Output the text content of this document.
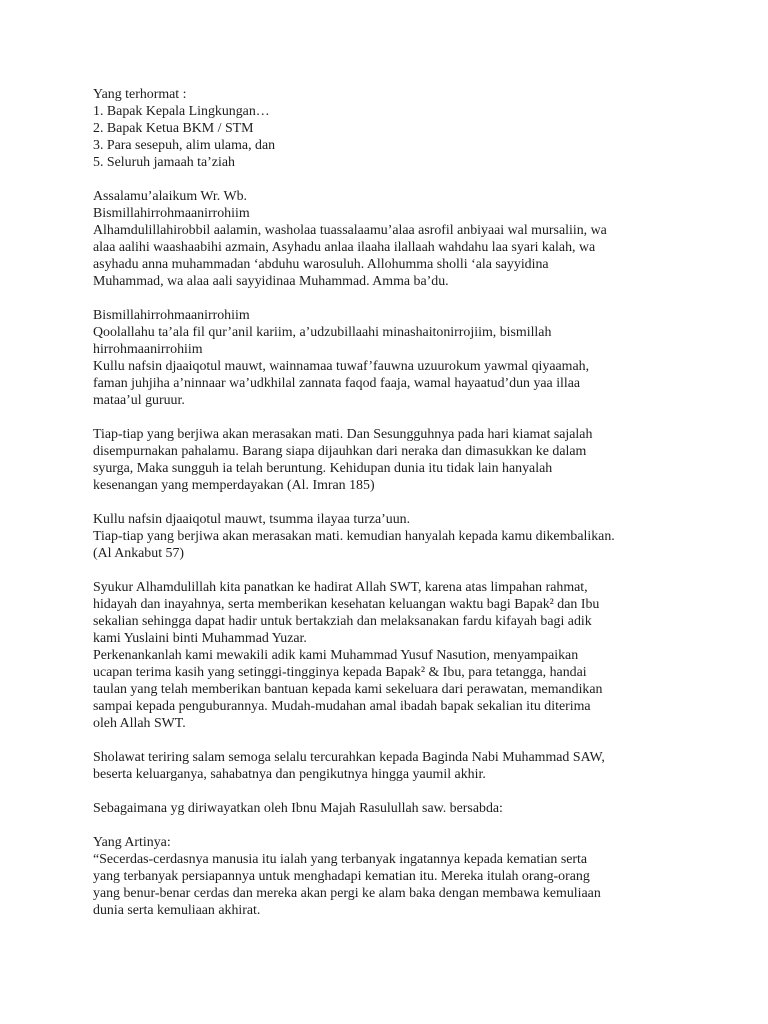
Yang terhormat :
1. Bapak Kepala Lingkungan…
2. Bapak Ketua BKM / STM
3. Para sesepuh, alim ulama, dan
5. Seluruh jamaah ta’ziah

Assalamu’alaikum Wr. Wb.
Bismillahirrohmaanirrohiim
Alhamdulillahirobbil aalamin, washolaa tuassalaamu’alaa asrofil anbiyaai wal mursaliin, wa
alaa aalihi waashaabihi azmain, Asyhadu anlaa ilaaha ilallaah wahdahu laa syari kalah, wa
asyhadu anna muhammadan ‘abduhu warosuluh. Allohumma sholli ‘ala sayyidina
Muhammad, wa alaa aali sayyidinaa Muhammad. Amma ba’du.

Bismillahirrohmaanirrohiim
Qoolallahu ta’ala fil qur’anil kariim, a’udzubillaahi minashaitonirrojiim, bismillah
hirrohmaanirrohiim
Kullu nafsin djaaiqotul mauwt, wainnamaa tuwaf’fauwna uzuurokum yawmal qiyaamah,
faman juhjiha a’ninnaar wa’udkhilal zannata faqod faaja, wamal hayaatud’dun yaa illaa
mataa’ul guruur.

Tiap-tiap yang berjiwa akan merasakan mati. Dan Sesungguhnya pada hari kiamat sajalah
disempurnakan pahalamu. Barang siapa dijauhkan dari neraka dan dimasukkan ke dalam
syurga, Maka sungguh ia telah beruntung. Kehidupan dunia itu tidak lain hanyalah
kesenangan yang memperdayakan (Al. Imran 185)

Kullu nafsin djaaiqotul mauwt, tsumma ilayaa turza’uun.
Tiap-tiap yang berjiwa akan merasakan mati. kemudian hanyalah kepada kamu dikembalikan.
(Al Ankabut 57)

Syukur Alhamdulillah kita panatkan ke hadirat Allah SWT, karena atas limpahan rahmat,
hidayah dan inayahnya, serta memberikan kesehatan keluangan waktu bagi Bapak² dan Ibu
sekalian sehingga dapat hadir untuk bertakziah dan melaksanakan fardu kifayah bagi adik
kami Yuslaini binti Muhammad Yuzar.
Perkenankanlah kami mewakili adik kami Muhammad Yusuf Nasution, menyampaikan
ucapan terima kasih yang setinggi-tingginya kepada Bapak² & Ibu, para tetangga, handai
taulan yang telah memberikan bantuan kepada kami sekeluara dari perawatan, memandikan
sampai kepada penguburannya. Mudah-mudahan amal ibadah bapak sekalian itu diterima
oleh Allah SWT.

Sholawat teriring salam semoga selalu tercurahkan kepada Baginda Nabi Muhammad SAW,
beserta keluarganya, sahabatnya dan pengikutnya hingga yaumil akhir.

Sebagaimana yg diriwayatkan oleh Ibnu Majah Rasulullah saw. bersabda:

Yang Artinya:
“Secerdas-cerdasnya manusia itu ialah yang terbanyak ingatannya kepada kematian serta
yang terbanyak persiapannya untuk menghadapi kematian itu. Mereka itulah orang-orang
yang benur-benar cerdas dan mereka akan pergi ke alam baka dengan membawa kemuliaan
dunia serta kemuliaan akhirat.
